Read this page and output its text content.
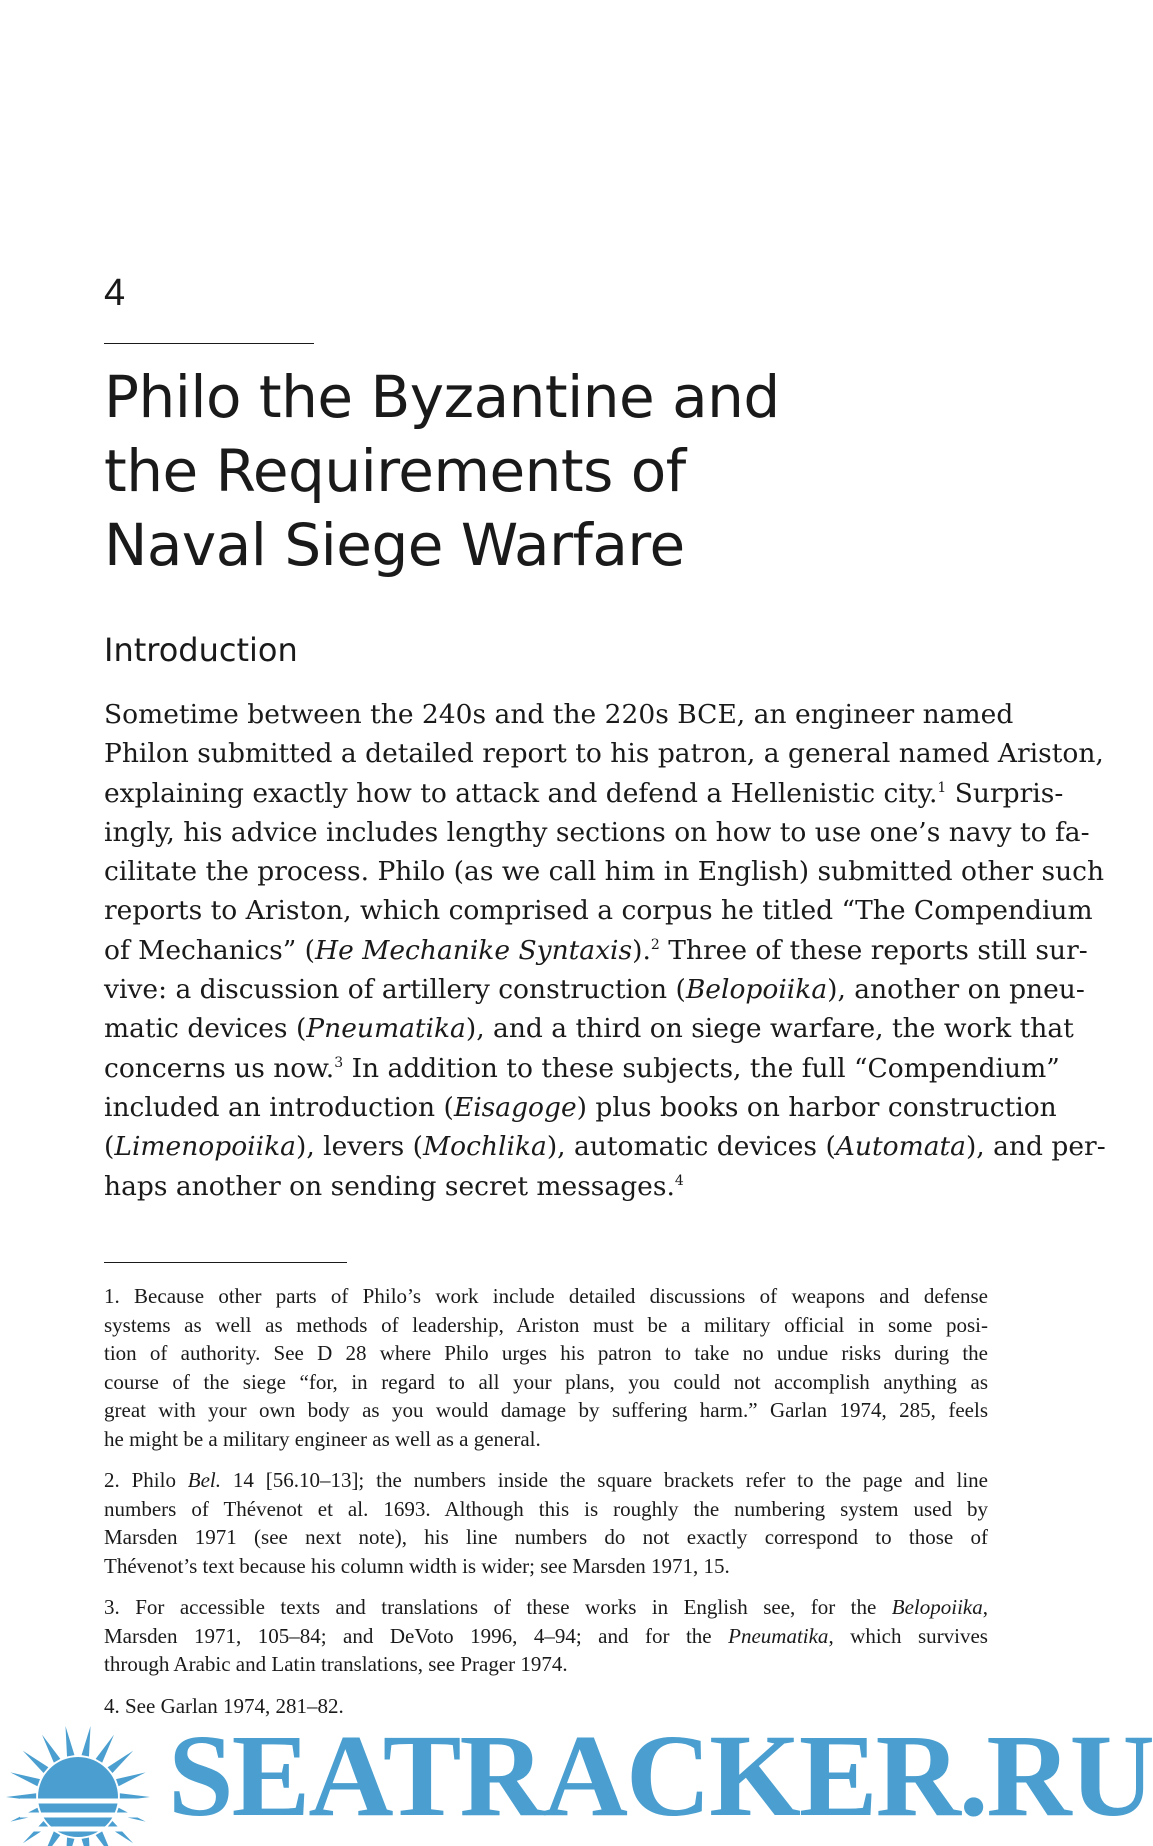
4
Philo the Byzantine and
the Requirements of
Naval Siege Warfare
Introduction
Sometime between the 240s and the 220s BCE, an engineer named
Philon submitted a detailed report to his patron, a general named Ariston,
explaining exactly how to attack and defend a Hellenistic city.$^1$ Surpris-
ingly, his advice includes lengthy sections on how to use one’s navy to fa-
cilitate the process. Philo (as we call him in English) submitted other such
reports to Ariston, which comprised a corpus he titled “The Compendium
of Mechanics” (He Mechanike Syntaxis).$^2$ Three of these reports still sur-
vive: a discussion of artillery construction (Belopoiika), another on pneu-
matic devices (Pneumatika), and a third on siege warfare, the work that
concerns us now.$^3$ In addition to these subjects, the full “Compendium”
included an introduction (Eisagoge) plus books on harbor construction
(Limenopoiika), levers (Mochlika), automatic devices (Automata), and per-
haps another on sending secret messages.$^4$
1. Because other parts of Philo’s work include detailed discussions of weapons and defense
systems as well as methods of leadership, Ariston must be a military official in some posi-
tion of authority. See D 28 where Philo urges his patron to take no undue risks during the
course of the siege “for, in regard to all your plans, you could not accomplish anything as
great with your own body as you would damage by suffering harm.” Garlan 1974, 285, feels
he might be a military engineer as well as a general.
2. Philo Bel. 14 [56.10–13]; the numbers inside the square brackets refer to the page and line
numbers of Thévenot et al. 1693. Although this is roughly the numbering system used by
Marsden 1971 (see next note), his line numbers do not exactly correspond to those of
Thévenot’s text because his column width is wider; see Marsden 1971, 15.
3. For accessible texts and translations of these works in English see, for the Belopoiika,
Marsden 1971, 105–84; and DeVoto 1996, 4–94; and for the Pneumatika, which survives
through Arabic and Latin translations, see Prager 1974.
4. See Garlan 1974, 281–82.
SEATRACKER.RU
